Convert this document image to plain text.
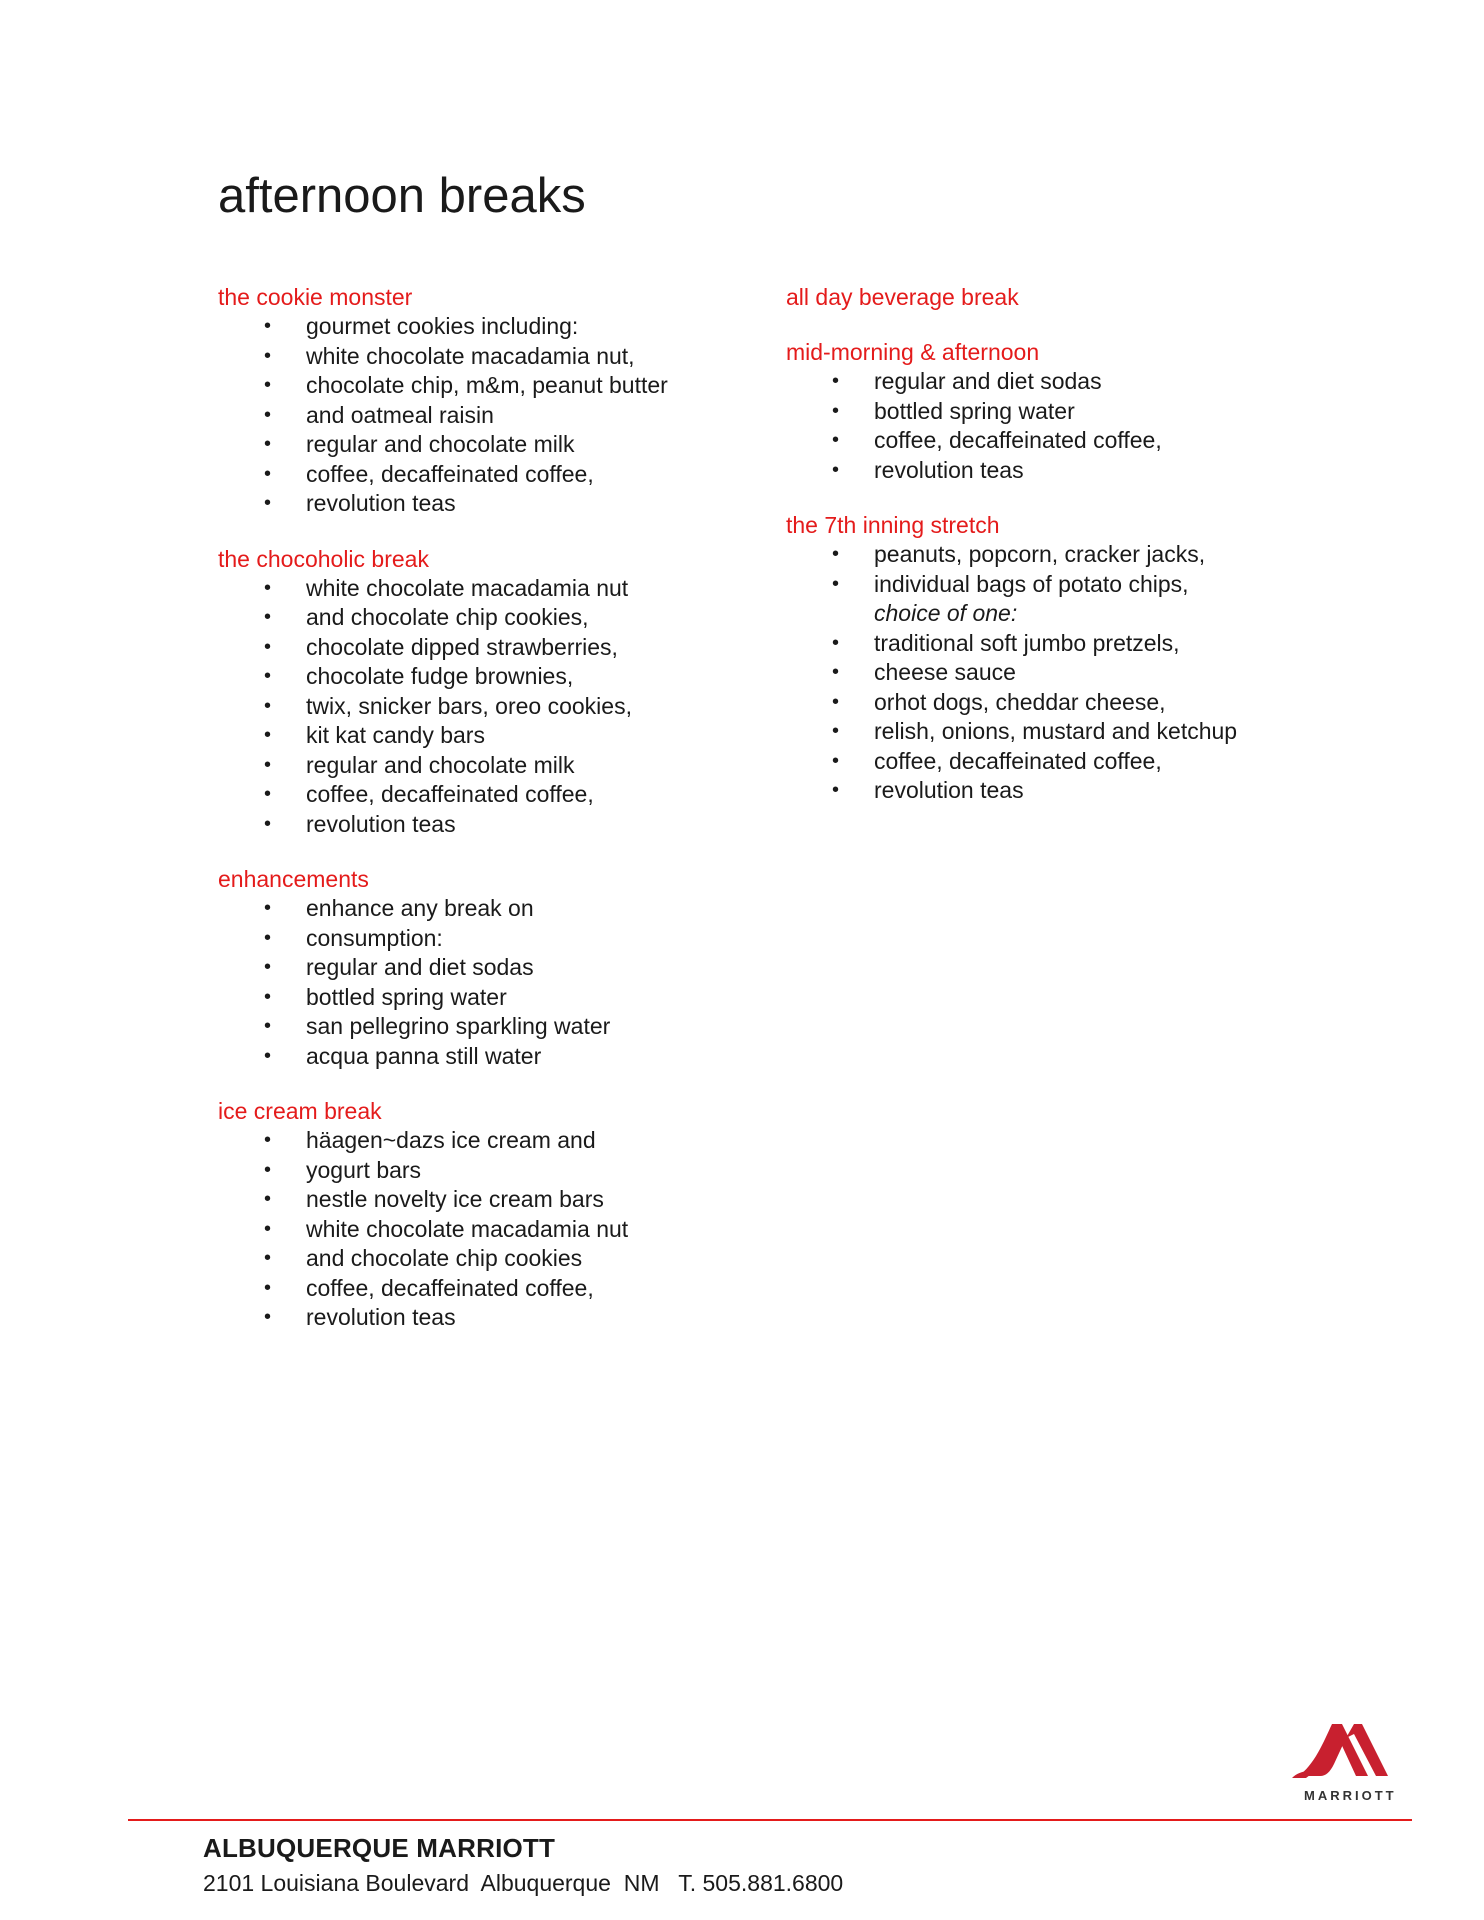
afternoon breaks
the cookie monster
• gourmet cookies including:
• white chocolate macadamia nut,
• chocolate chip, m&m, peanut butter
• and oatmeal raisin
• regular and chocolate milk
• coffee, decaffeinated coffee,
• revolution teas
the chocoholic break
• white chocolate macadamia nut
• and chocolate chip cookies,
• chocolate dipped strawberries,
• chocolate fudge brownies,
• twix, snicker bars, oreo cookies,
• kit kat candy bars
• regular and chocolate milk
• coffee, decaffeinated coffee,
• revolution teas
enhancements
• enhance any break on
• consumption:
• regular and diet sodas
• bottled spring water
• san pellegrino sparkling water
• acqua panna still water
ice cream break
• häagen~dazs ice cream and
• yogurt bars
• nestle novelty ice cream bars
• white chocolate macadamia nut
• and chocolate chip cookies
• coffee, decaffeinated coffee,
• revolution teas
all day beverage break
mid-morning & afternoon
• regular and diet sodas
• bottled spring water
• coffee, decaffeinated coffee,
• revolution teas
the 7th inning stretch
• peanuts, popcorn, cracker jacks,
• individual bags of potato chips,
choice of one:
• traditional soft jumbo pretzels,
• cheese sauce
• orhot dogs, cheddar cheese,
• relish, onions, mustard and ketchup
• coffee, decaffeinated coffee,
• revolution teas
MARRIOTT
ALBUQUERQUE MARRIOTT
2101 Louisiana Boulevard  Albuquerque  NM   T. 505.881.6800
